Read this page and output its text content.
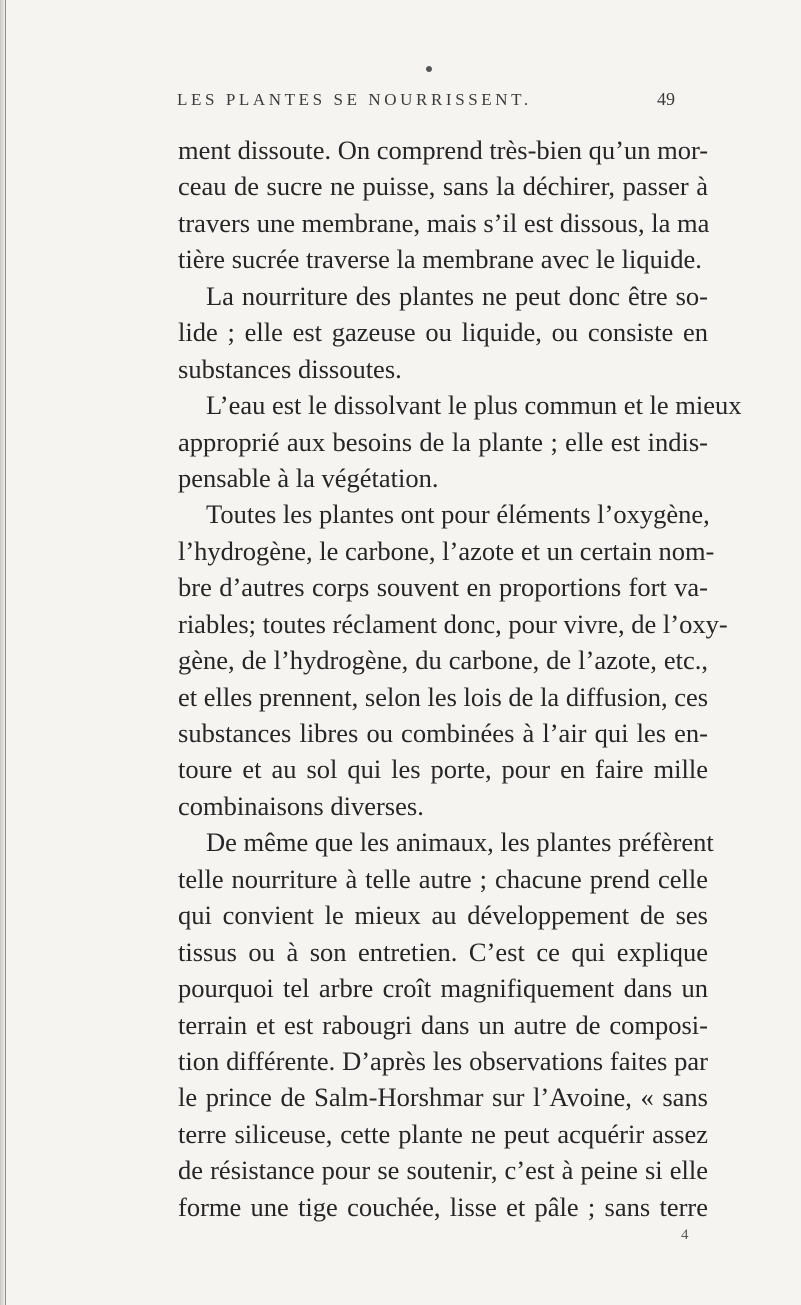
LES PLANTES SE NOURRISSENT.	49
ment dissoute. On comprend très-bien qu’un mor-
ceau de sucre ne puisse, sans la déchirer, passer à
travers une membrane, mais s’il est dissous, la ma
tière sucrée traverse la membrane avec le liquide.
La nourriture des plantes ne peut donc être so-
lide ; elle est gazeuse ou liquide, ou consiste en
substances dissoutes.
L’eau est le dissolvant le plus commun et le mieux
approprié aux besoins de la plante ; elle est indis-
pensable à la végétation.
Toutes les plantes ont pour éléments l’oxygène,
l’hydrogène, le carbone, l’azote et un certain nom-
bre d’autres corps souvent en proportions fort va-
riables; toutes réclament donc, pour vivre, de l’oxy-
gène, de l’hydrogène, du carbone, de l’azote, etc.,
et elles prennent, selon les lois de la diffusion, ces
substances libres ou combinées à l’air qui les en-
toure et au sol qui les porte, pour en faire mille
combinaisons diverses.
De même que les animaux, les plantes préfèrent
telle nourriture à telle autre ; chacune prend celle
qui convient le mieux au développement de ses
tissus ou à son entretien. C’est ce qui explique
pourquoi tel arbre croît magnifiquement dans un
terrain et est rabougri dans un autre de composi-
tion différente. D’après les observations faites par
le prince de Salm-Horshmar sur l’Avoine, « sans
terre siliceuse, cette plante ne peut acquérir assez
de résistance pour se soutenir, c’est à peine si elle
forme une tige couchée, lisse et pâle ; sans terre
4
